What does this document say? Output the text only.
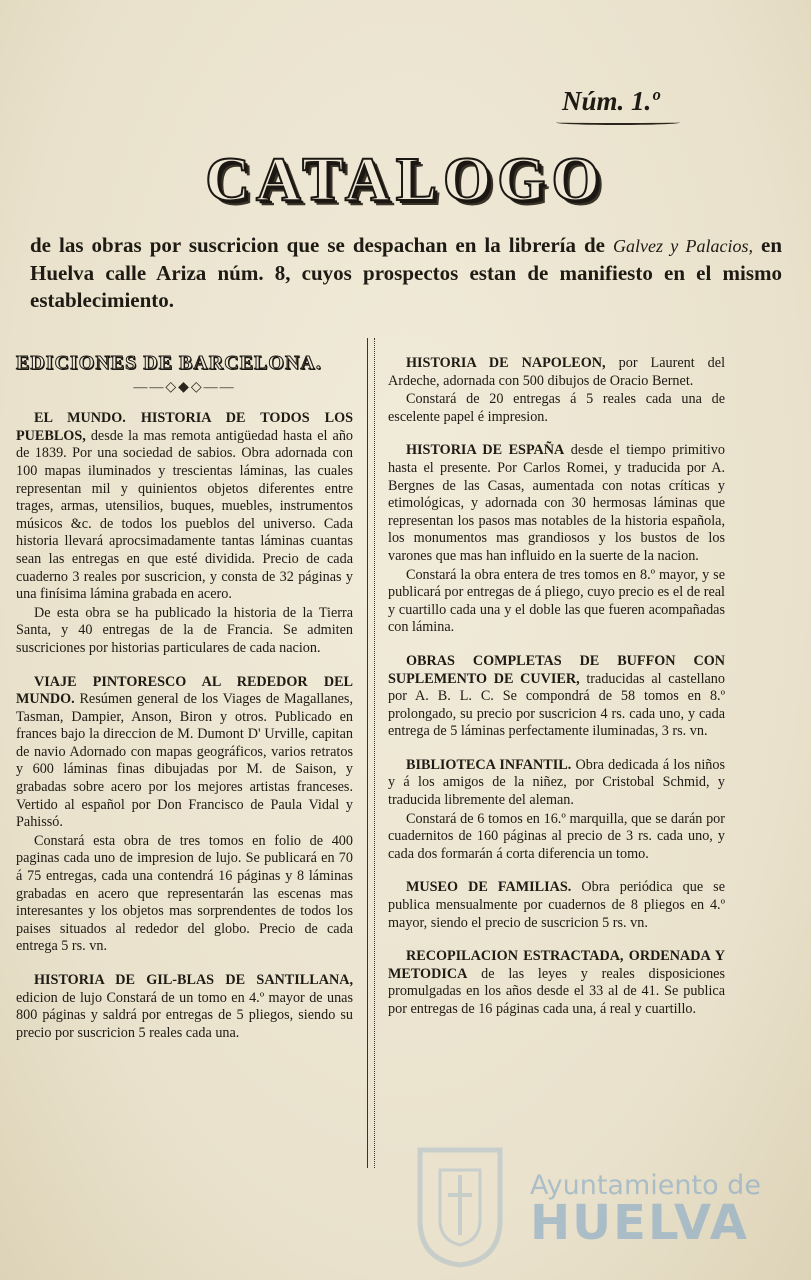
Núm. 1.º
CATALOGO
de las obras por suscricion que se despachan en la librería de Galvez y Palacios, en Huelva calle Ariza núm. 8, cuyos prospectos estan de manifiesto en el mismo establecimiento.
EDICIONES DE BARCELONA.
——◇◆◇——

EL MUNDO. HISTORIA DE TODOS LOS PUEBLOS, desde la mas remota antigüedad hasta el año de 1839. Por una sociedad de sabios. Obra adornada con 100 mapas iluminados y trescientas láminas, las cuales representan mil y quinientos objetos diferentes entre trages, armas, utensilios, buques, muebles, instrumentos músicos &c. de todos los pueblos del universo. Cada historia llevará aprocsimadamente tantas láminas cuantas sean las entregas en que esté dividida. Precio de cada cuaderno 3 reales por suscricion, y consta de 32 páginas y una finísima lámina grabada en acero.

De esta obra se ha publicado la historia de la Tierra Santa, y 40 entregas de la de Francia. Se admiten suscriciones por historias particulares de cada nacion.

VIAJE PINTORESCO AL REDEDOR DEL MUNDO. Resúmen general de los Viages de Magallanes, Tasman, Dampier, Anson, Biron y otros. Publicado en frances bajo la direccion de M. Dumont D' Urville, capitan de navio Adornado con mapas geográficos, varios retratos y 600 láminas finas dibujadas por M. de Saison, y grabadas sobre acero por los mejores artistas franceses. Vertido al español por Don Francisco de Paula Vidal y Pahissó.

Constará esta obra de tres tomos en folio de 400 paginas cada uno de impresion de lujo. Se publicará en 70 á 75 entregas, cada una contendrá 16 páginas y 8 láminas grabadas en acero que representarán las escenas mas interesantes y los objetos mas sorprendentes de todos los paises situados al rededor del globo. Precio de cada entrega 5 rs. vn.

HISTORIA DE GIL-BLAS DE SANTILLANA, edicion de lujo Constará de un tomo en 4.º mayor de unas 800 páginas y saldrá por entregas de 5 pliegos, siendo su precio por suscricion 5 reales cada una.

HISTORIA DE NAPOLEON, por Laurent del Ardeche, adornada con 500 dibujos de Oracio Bernet.

Constará de 20 entregas á 5 reales cada una de escelente papel é impresion.

HISTORIA DE ESPAÑA desde el tiempo primitivo hasta el presente. Por Carlos Romei, y traducida por A. Bergnes de las Casas, aumentada con notas críticas y etimológicas, y adornada con 30 hermosas láminas que representan los pasos mas notables de la historia española, los monumentos mas grandiosos y los bustos de los varones que mas han influido en la suerte de la nacion.

Constará la obra entera de tres tomos en 8.º mayor, y se publicará por entregas de á pliego, cuyo precio es el de real y cuartillo cada una y el doble las que fueren acompañadas con lámina.

OBRAS COMPLETAS DE BUFFON CON SUPLEMENTO DE CUVIER, traducidas al castellano por A. B. L. C. Se compondrá de 58 tomos en 8.º prolongado, su precio por suscricion 4 rs. cada uno, y cada entrega de 5 láminas perfectamente iluminadas, 3 rs. vn.

BIBLIOTECA INFANTIL. Obra dedicada á los niños y á los amigos de la niñez, por Cristobal Schmid, y traducida libremente del aleman.

Constará de 6 tomos en 16.º marquilla, que se darán por cuadernitos de 160 páginas al precio de 3 rs. cada uno, y cada dos formarán á corta diferencia un tomo.

MUSEO DE FAMILIAS. Obra periódica que se publica mensualmente por cuadernos de 8 pliegos en 4.º mayor, siendo el precio de suscricion 5 rs. vn.

RECOPILACION ESTRACTADA, ORDENADA Y METODICA de las leyes y reales disposiciones promulgadas en los años desde el 33 al de 41. Se publica por entregas de 16 páginas cada una, á real y cuartillo.

Ayuntamiento de
HUELVA
